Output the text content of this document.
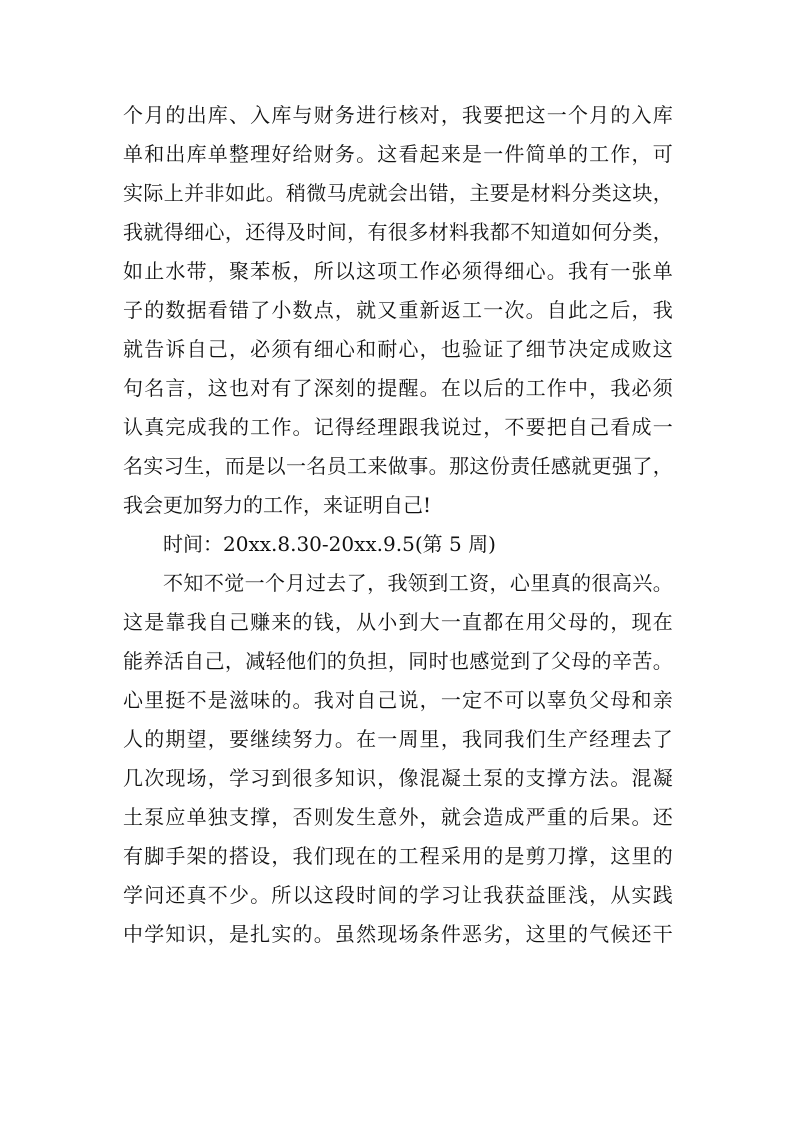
个 月 的 出 库 、 入 库 与 财 务 进 行 核 对 ， 我 要 把 这 一 个 月 的 入 库
单 和 出 库 单 整 理 好 给 财 务 。 这 看 起 来 是 一 件 简 单 的 工 作 ， 可
实 际 上 并 非 如 此 。 稍 微 马 虎 就 会 出 错 ， 主 要 是 材 料 分 类 这 块 ，
我 就 得 细 心 ， 还 得 及 时 间 ， 有 很 多 材 料 我 都 不 知 道 如 何 分 类 ，
如 止 水 带 ， 聚 苯 板 ， 所 以 这 项 工 作 必 须 得 细 心 。 我 有 一 张 单
子 的 数 据 看 错 了 小 数 点 ， 就 又 重 新 返 工 一 次 。 自 此 之 后 ， 我
就 告 诉 自 己 ， 必 须 有 细 心 和 耐 心 ， 也 验 证 了 细 节 决 定 成 败 这
句 名 言 ， 这 也 对 有 了 深 刻 的 提 醒 。 在 以 后 的 工 作 中 ， 我 必 须
认 真 完 成 我 的 工 作 。 记 得 经 理 跟 我 说 过 ， 不 要 把 自 己 看 成 一
名 实 习 生 ， 而 是 以 一 名 员 工 来 做 事 。 那 这 份 责 任 感 就 更 强 了 ，
我会更加努力的工作，来证明自己!
时间：20xx.8.30-20xx.9.5(第 5 周)
不 知 不 觉 一 个 月 过 去 了 ， 我 领 到 工 资 ， 心 里 真 的 很 高 兴 。
这 是 靠 我 自 己 赚 来 的 钱 ， 从 小 到 大 一 直 都 在 用 父 母 的 ， 现 在
能 养 活 自 己 ， 减 轻 他 们 的 负 担 ， 同 时 也 感 觉 到 了 父 母 的 辛 苦 。
心 里 挺 不 是 滋 味 的 。 我 对 自 己 说 ， 一 定 不 可 以 辜 负 父 母 和 亲
人 的 期 望 ， 要 继 续 努 力 。 在 一 周 里 ， 我 同 我 们 生 产 经 理 去 了
几 次 现 场 ， 学 习 到 很 多 知 识 ， 像 混 凝 土 泵 的 支 撑 方 法 。 混 凝
土 泵 应 单 独 支 撑 ， 否 则 发 生 意 外 ， 就 会 造 成 严 重 的 后 果 。 还
有 脚 手 架 的 搭 设 ， 我 们 现 在 的 工 程 采 用 的 是 剪 刀 撑 ， 这 里 的
学 问 还 真 不 少 。 所 以 这 段 时 间 的 学 习 让 我 获 益 匪 浅 ， 从 实 践
中 学 知 识 ， 是 扎 实 的 。 虽 然 现 场 条 件 恶 劣 ， 这 里 的 气 候 还 干
